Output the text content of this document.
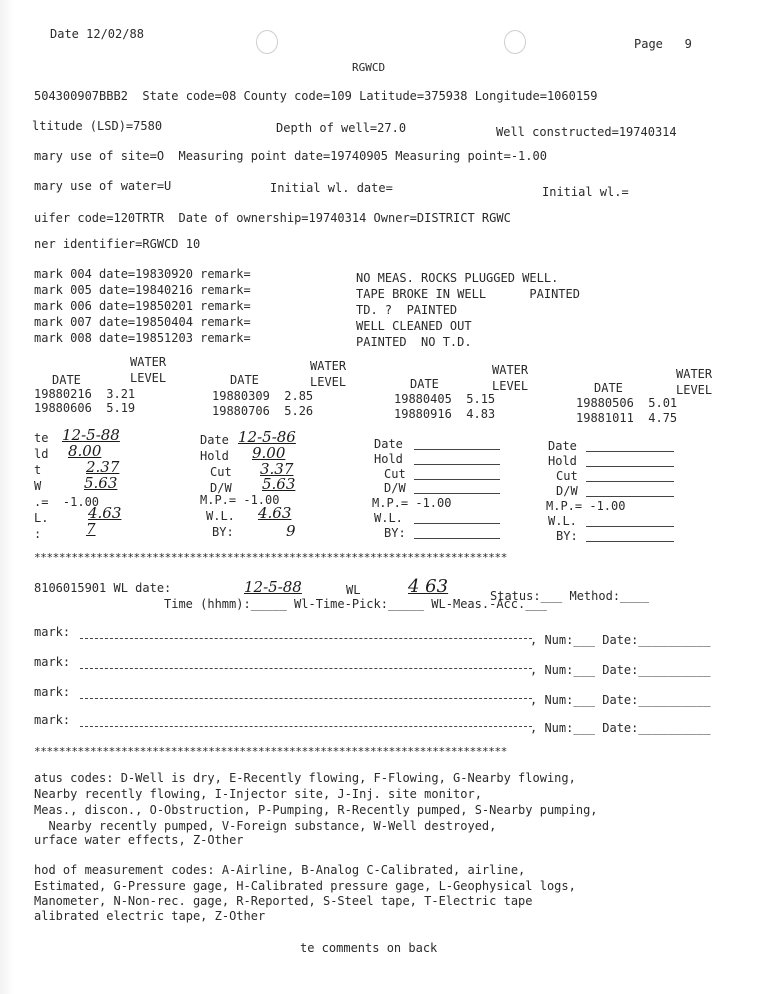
Date 12/02/88
Page   9
RGWCD
504300907BBB2  State code=08 County code=109 Latitude=375938 Longitude=1060159
ltitude (LSD)=7580	Depth of well=27.0	Well constructed=19740314
mary use of site=O  Measuring point date=19740905 Measuring point=-1.00
mary use of water=U	Initial wl. date=	Initial wl.=
uifer code=120TRTR  Date of ownership=19740314 Owner=DISTRICT RGWC
ner identifier=RGWCD 10
mark 004 date=19830920 remark=	NO MEAS. ROCKS PLUGGED WELL.
mark 005 date=19840216 remark=	TAPE BROKE IN WELL      PAINTED
mark 006 date=19850201 remark=	TD. ?  PAINTED
mark 007 date=19850404 remark=	WELL CLEANED OUT
mark 008 date=19851203 remark=	PAINTED  NO T.D.
WATER
DATE	LEVEL
19880216  3.21
19880606  5.19
WATER
DATE	LEVEL
19880309  2.85
19880706  5.26
WATER
DATE	LEVEL
19880405  5.15
19880916  4.83
WATER
DATE	LEVEL
19880506  5.01
19881011  4.75
te 12-5-88
ld 8.00
t	2.37
W	5.63
.=  -1.00
L.	4.63
:	7
Date 12-5-86
Hold 9.00
Cut 3.37
D/W 5.63
M.P.= -1.00
W.L. 4.63
BY:	9
Date
Hold
Cut
D/W
M.P.= -1.00
W.L.
BY:
Date
Hold
Cut
D/W
M.P.= -1.00
W.L.
BY:
****************************************************************************
8106015901 WL date:	12-5-88	WL	4 63	Status:___ Method:____
Time (hhmm):_____ Wl-Time-Pick:_____ WL-Meas.-Acc.___
mark:
, Num:___ Date:__________
mark:
, Num:___ Date:__________
mark:
, Num:___ Date:__________
mark:
, Num:___ Date:__________
****************************************************************************
atus codes: D-Well is dry, E-Recently flowing, F-Flowing, G-Nearby flowing,
Nearby recently flowing, I-Injector site, J-Inj. site monitor,
Meas., discon., O-Obstruction, P-Pumping, R-Recently pumped, S-Nearby pumping,
Nearby recently pumped, V-Foreign substance, W-Well destroyed,
urface water effects, Z-Other
hod of measurement codes: A-Airline, B-Analog C-Calibrated, airline,
Estimated, G-Pressure gage, H-Calibrated pressure gage, L-Geophysical logs,
Manometer, N-Non-rec. gage, R-Reported, S-Steel tape, T-Electric tape
alibrated electric tape, Z-Other
te comments on back
